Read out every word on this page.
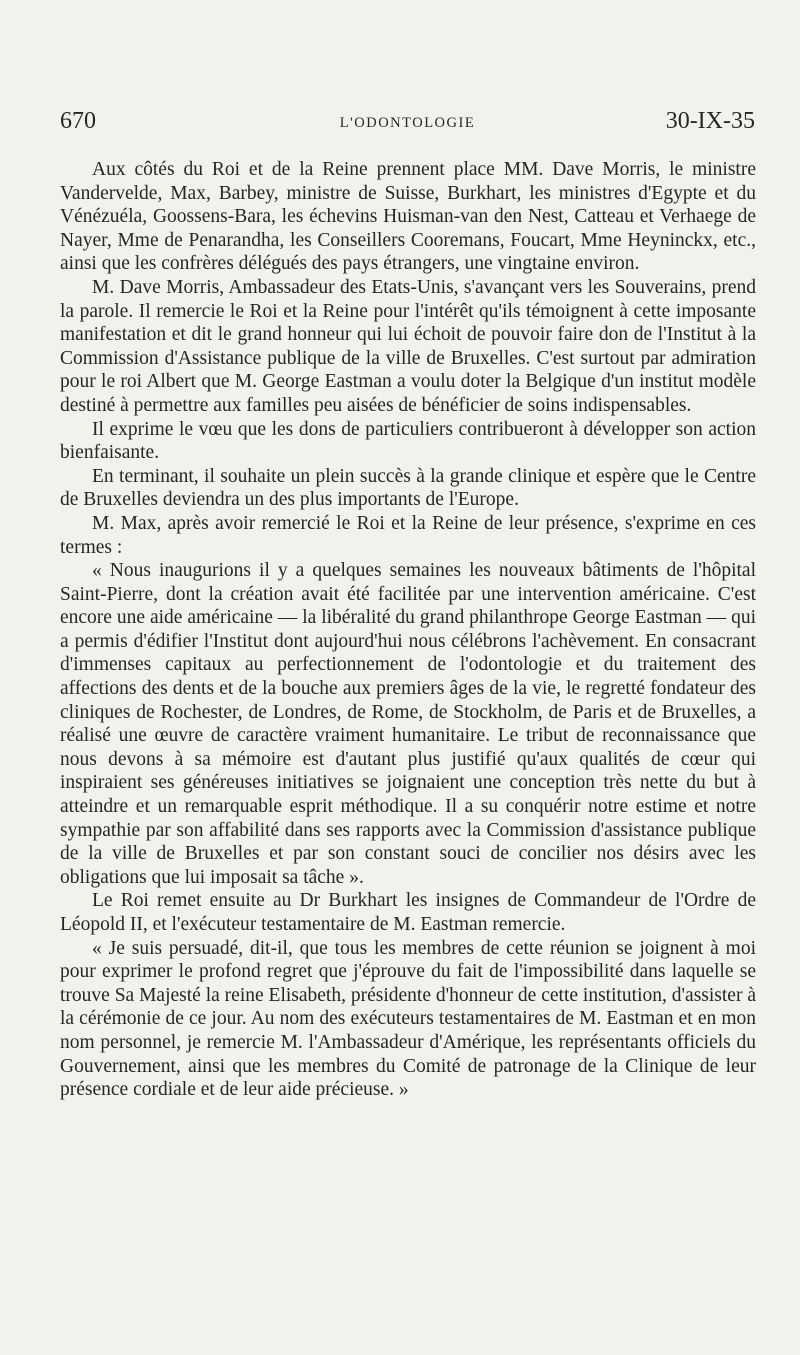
670	L'ODONTOLOGIE	30-IX-35

Aux côtés du Roi et de la Reine prennent place MM. Dave Morris, le ministre Vandervelde, Max, Barbey, ministre de Suisse, Burkhart, les ministres d'Egypte et du Vénézuéla, Goossens-Bara, les échevins Huisman-van den Nest, Catteau et Verhaege de Nayer, Mme de Penarandha, les Conseillers Cooremans, Foucart, Mme Heyninckx, etc., ainsi que les confrères délégués des pays étrangers, une vingtaine environ.

M. Dave Morris, Ambassadeur des Etats-Unis, s'avançant vers les Souverains, prend la parole. Il remercie le Roi et la Reine pour l'intérêt qu'ils témoignent à cette imposante manifestation et dit le grand honneur qui lui échoit de pouvoir faire don de l'Institut à la Commission d'Assistance publique de la ville de Bruxelles. C'est surtout par admiration pour le roi Albert que M. George Eastman a voulu doter la Belgique d'un institut modèle destiné à permettre aux familles peu aisées de bénéficier de soins indispensables.

Il exprime le vœu que les dons de particuliers contribueront à développer son action bienfaisante.

En terminant, il souhaite un plein succès à la grande clinique et espère que le Centre de Bruxelles deviendra un des plus importants de l'Europe.

M. Max, après avoir remercié le Roi et la Reine de leur présence, s'exprime en ces termes :

« Nous inaugurions il y a quelques semaines les nouveaux bâtiments de l'hôpital Saint-Pierre, dont la création avait été facilitée par une intervention américaine. C'est encore une aide américaine — la libéralité du grand philanthrope George Eastman — qui a permis d'édifier l'Institut dont aujourd'hui nous célébrons l'achèvement. En consacrant d'immenses capitaux au perfectionnement de l'odontologie et du traitement des affections des dents et de la bouche aux premiers âges de la vie, le regretté fondateur des cliniques de Rochester, de Londres, de Rome, de Stockholm, de Paris et de Bruxelles, a réalisé une œuvre de caractère vraiment humanitaire. Le tribut de reconnaissance que nous devons à sa mémoire est d'autant plus justifié qu'aux qualités de cœur qui inspiraient ses généreuses initiatives se joignaient une conception très nette du but à atteindre et un remarquable esprit méthodique. Il a su conquérir notre estime et notre sympathie par son affabilité dans ses rapports avec la Commission d'assistance publique de la ville de Bruxelles et par son constant souci de concilier nos désirs avec les obligations que lui imposait sa tâche ».

Le Roi remet ensuite au Dr Burkhart les insignes de Commandeur de l'Ordre de Léopold II, et l'exécuteur testamentaire de M. Eastman remercie.

« Je suis persuadé, dit-il, que tous les membres de cette réunion se joignent à moi pour exprimer le profond regret que j'éprouve du fait de l'impossibilité dans laquelle se trouve Sa Majesté la reine Elisabeth, présidente d'honneur de cette institution, d'assister à la cérémonie de ce jour. Au nom des exécuteurs testamentaires de M. Eastman et en mon nom personnel, je remercie M. l'Ambassadeur d'Amérique, les représentants officiels du Gouvernement, ainsi que les membres du Comité de patronage de la Clinique de leur présence cordiale et de leur aide précieuse. »
